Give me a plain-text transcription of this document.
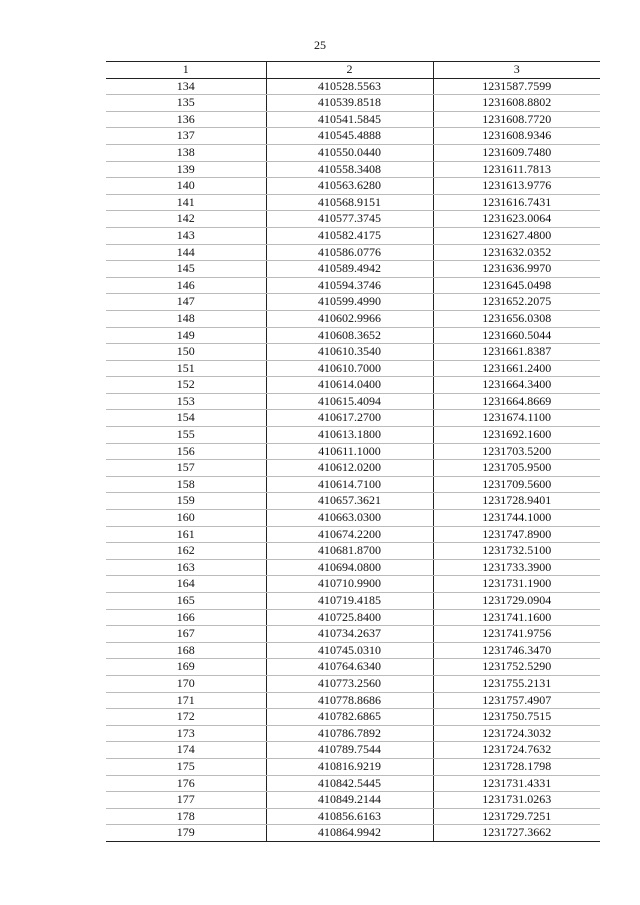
25
1	2	3
134	410528.5563	1231587.7599
135	410539.8518	1231608.8802
136	410541.5845	1231608.7720
137	410545.4888	1231608.9346
138	410550.0440	1231609.7480
139	410558.3408	1231611.7813
140	410563.6280	1231613.9776
141	410568.9151	1231616.7431
142	410577.3745	1231623.0064
143	410582.4175	1231627.4800
144	410586.0776	1231632.0352
145	410589.4942	1231636.9970
146	410594.3746	1231645.0498
147	410599.4990	1231652.2075
148	410602.9966	1231656.0308
149	410608.3652	1231660.5044
150	410610.3540	1231661.8387
151	410610.7000	1231661.2400
152	410614.0400	1231664.3400
153	410615.4094	1231664.8669
154	410617.2700	1231674.1100
155	410613.1800	1231692.1600
156	410611.1000	1231703.5200
157	410612.0200	1231705.9500
158	410614.7100	1231709.5600
159	410657.3621	1231728.9401
160	410663.0300	1231744.1000
161	410674.2200	1231747.8900
162	410681.8700	1231732.5100
163	410694.0800	1231733.3900
164	410710.9900	1231731.1900
165	410719.4185	1231729.0904
166	410725.8400	1231741.1600
167	410734.2637	1231741.9756
168	410745.0310	1231746.3470
169	410764.6340	1231752.5290
170	410773.2560	1231755.2131
171	410778.8686	1231757.4907
172	410782.6865	1231750.7515
173	410786.7892	1231724.3032
174	410789.7544	1231724.7632
175	410816.9219	1231728.1798
176	410842.5445	1231731.4331
177	410849.2144	1231731.0263
178	410856.6163	1231729.7251
179	410864.9942	1231727.3662
